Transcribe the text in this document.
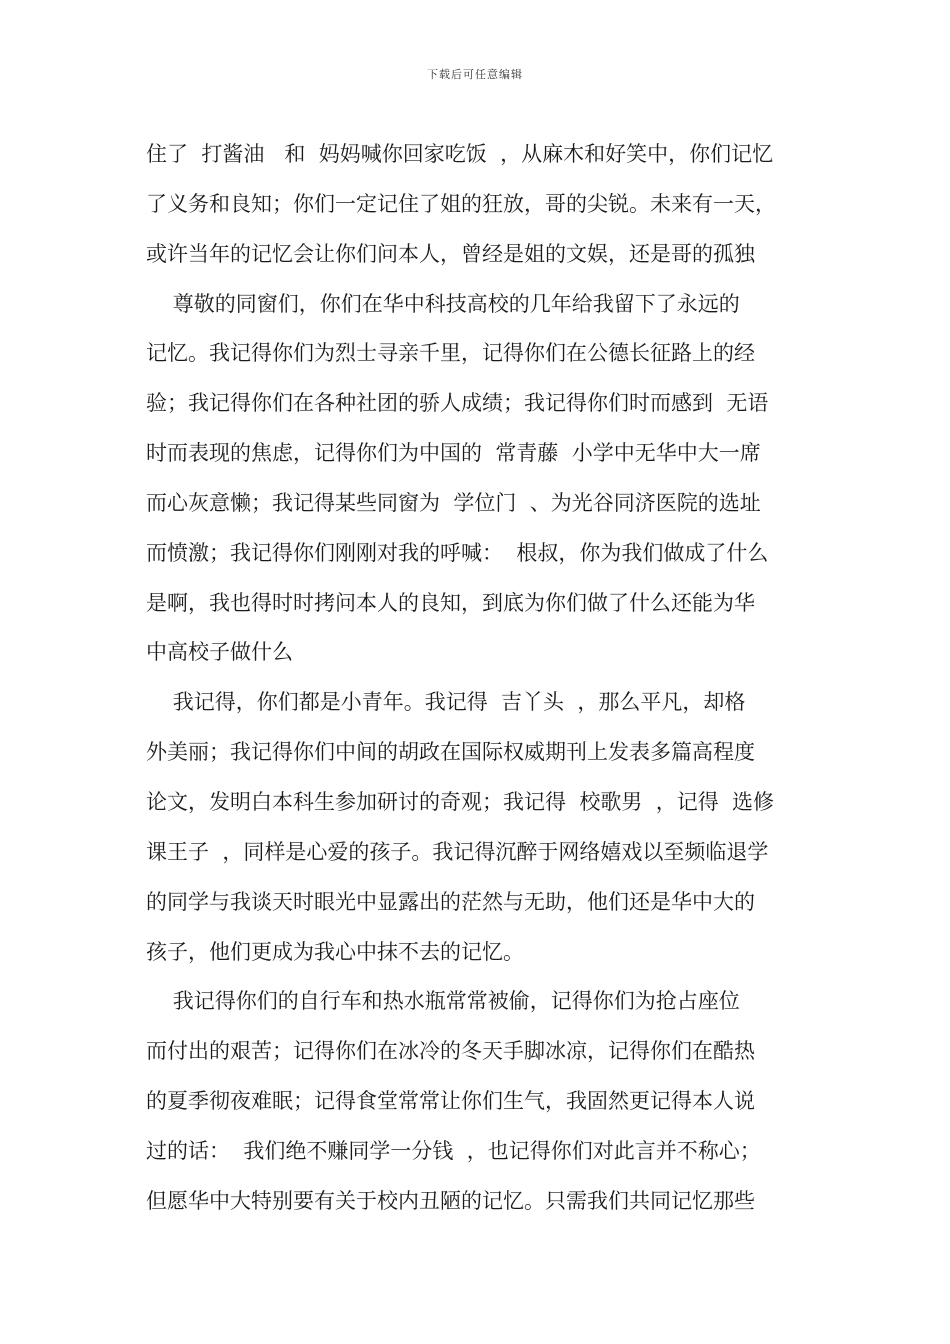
下载后可任意编辑
住了  打酱油   和  妈妈喊你回家吃饭  ，从麻木和好笑中，你们记忆
了义务和良知；你们一定记住了姐的狂放，哥的尖锐。未来有一天，
或许当年的记忆会让你们问本人，曾经是姐的文娱，还是哥的孤独
尊敬的同窗们，你们在华中科技高校的几年给我留下了永远的
记忆。我记得你们为烈士寻亲千里，记得你们在公德长征路上的经
验；我记得你们在各种社团的骄人成绩；我记得你们时而感到  无语
时而表现的焦虑，记得你们为中国的  常青藤  小学中无华中大一席
而心灰意懒；我记得某些同窗为  学位门  、为光谷同济医院的选址
而愤激；我记得你们刚刚对我的呼喊：  根叔，你为我们做成了什么
是啊，我也得时时拷问本人的良知，到底为你们做了什么还能为华
中高校子做什么
我记得，你们都是小青年。我记得  吉丫头  ，那么平凡，却格
外美丽；我记得你们中间的胡政在国际权威期刊上发表多篇高程度
论文，发明白本科生参加研讨的奇观；我记得  校歌男  ，记得  选修
课王子  ，同样是心爱的孩子。我记得沉醉于网络嬉戏以至频临退学
的同学与我谈天时眼光中显露出的茫然与无助，他们还是华中大的
孩子，他们更成为我心中抹不去的记忆。
我记得你们的自行车和热水瓶常常被偷，记得你们为抢占座位
而付出的艰苦；记得你们在冰冷的冬天手脚冰凉，记得你们在酷热
的夏季彻夜难眠；记得食堂常常让你们生气，我固然更记得本人说
过的话：  我们绝不赚同学一分钱  ，也记得你们对此言并不称心；
但愿华中大特别要有关于校内丑陋的记忆。只需我们共同记忆那些
